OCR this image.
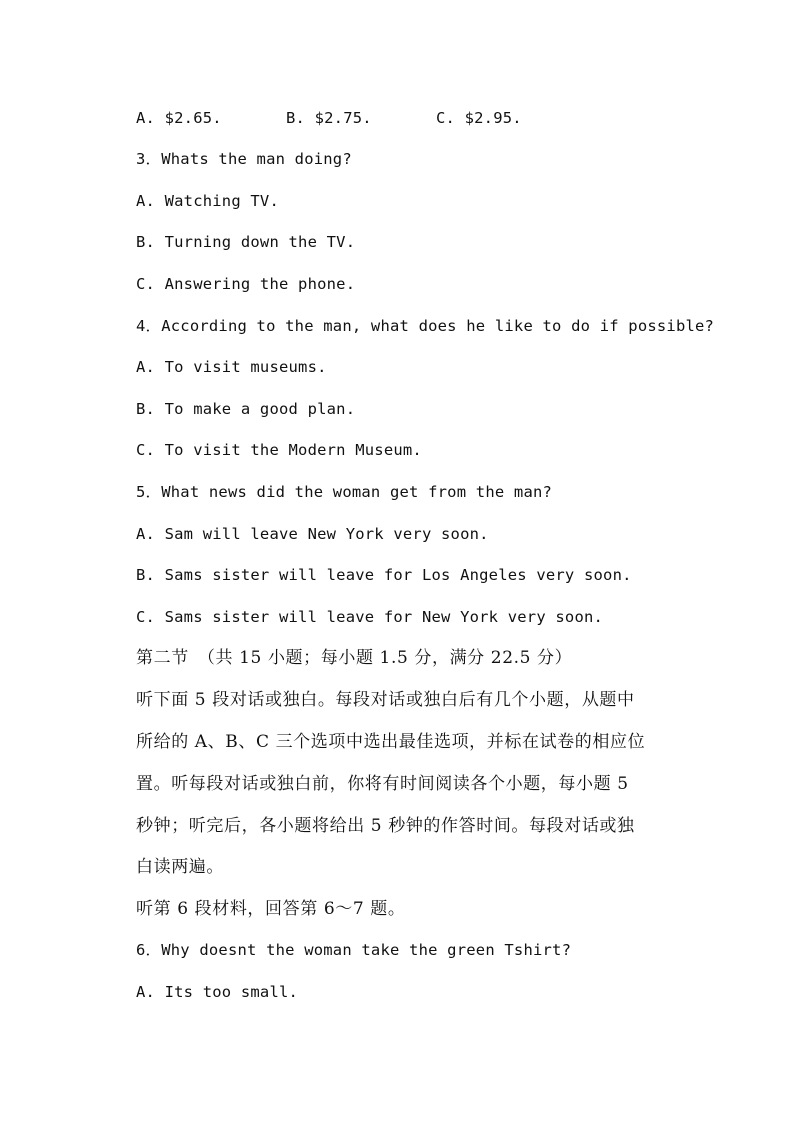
A. $2.65.	B. $2.75.	C. $2.95.
3．Whats the man doing?
A. Watching TV.
B. Turning down the TV.
C. Answering the phone.
4．According to the man, what does he like to do if possible?
A. To visit museums.
B. To make a good plan.
C. To visit the Modern Museum.
5．What news did the woman get from the man?
A. Sam will leave New York very soon.
B. Sams sister will leave for Los Angeles very soon.
C. Sams sister will leave for New York very soon.
第二节　（共 15 小题；每小题 1.5 分，满分 22.5 分）
听下面 5 段对话或独白。每段对话或独白后有几个小题，从题中
所给的 A、B、C 三个选项中选出最佳选项，并标在试卷的相应位
置。听每段对话或独白前，你将有时间阅读各个小题，每小题 5
秒钟；听完后，各小题将给出 5 秒钟的作答时间。每段对话或独
白读两遍。
听第 6 段材料，回答第 6～7 题。
6．Why doesnt the woman take the green Tshirt?
A. Its too small.
